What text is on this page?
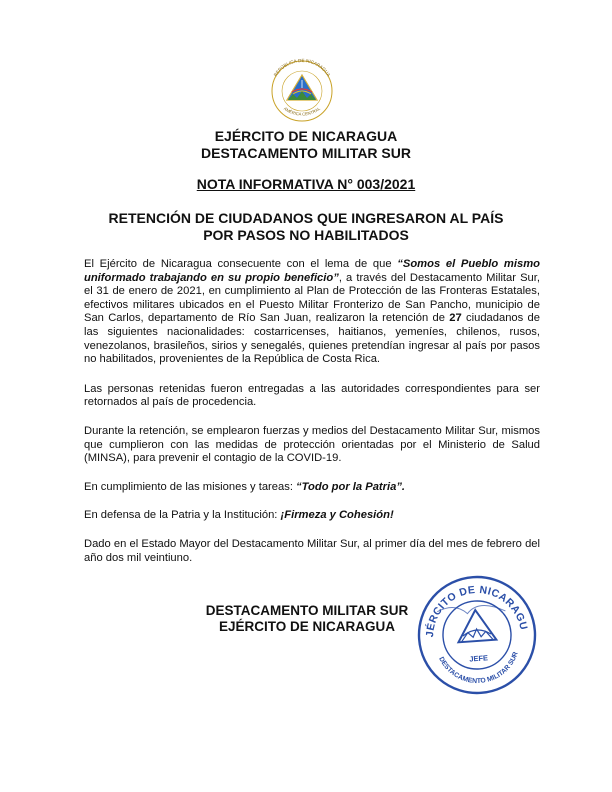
REPÚBLICA DE NICARAGUA
AMÉRICA CENTRAL
EJÉRCITO DE NICARAGUA
DESTACAMENTO MILITAR SUR
NOTA INFORMATIVA N° 003/2021
RETENCIÓN DE CIUDADANOS QUE INGRESARON AL PAÍS
POR PASOS NO HABILITADOS

El Ejército de Nicaragua consecuente con el lema de que “Somos el Pueblo mismo uniformado trabajando en su propio beneficio”, a través del Destacamento Militar Sur, el 31 de enero de 2021, en cumplimiento al Plan de Protección de las Fronteras Estatales, efectivos militares ubicados en el Puesto Militar Fronterizo de San Pancho, municipio de San Carlos, departamento de Río San Juan, realizaron la retención de 27 ciudadanos de las siguientes nacionalidades: costarricenses, haitianos, yemeníes, chilenos, rusos, venezolanos, brasileños, sirios y senegalés, quienes pretendían ingresar al país por pasos no habilitados, provenientes de la República de Costa Rica.

Las personas retenidas fueron entregadas a las autoridades correspondientes para ser retornados al país de procedencia.

Durante la retención, se emplearon fuerzas y medios del Destacamento Militar Sur, mismos que cumplieron con las medidas de protección orientadas por el Ministerio de Salud (MINSA), para prevenir el contagio de la COVID-19.

En cumplimiento de las misiones y tareas: “Todo por la Patria”.

En defensa de la Patria y la Institución: ¡Firmeza y Cohesión!

Dado en el Estado Mayor del Destacamento Militar Sur, al primer día del mes de febrero del año dos mil veintiuno.

DESTACAMENTO MILITAR SUR
EJÉRCITO DE NICARAGUA
EJÉRCITO DE NICARAGUA
DESTACAMENTO MILITAR SUR
JEFE
